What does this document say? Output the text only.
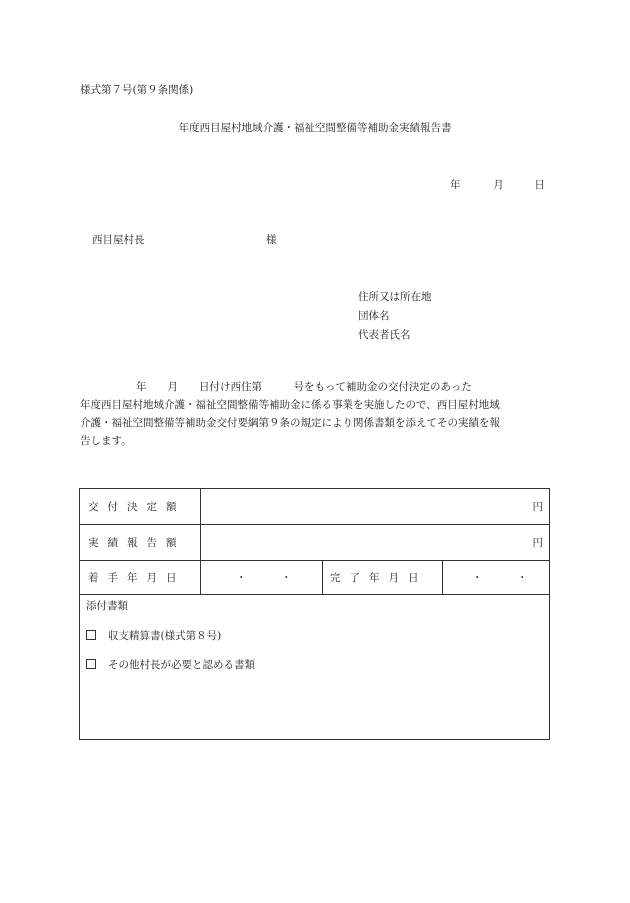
様式第７号(第９条関係)
年度西目屋村地域介護・福祉空間整備等補助金実績報告書
年	月	日
西目屋村長	様
住所又は所在地
団体名
代表者氏名

年　　月　　日付け西住第　　　号をもって補助金の交付決定のあった

年度西目屋村地域介護・福祉空間整備等補助金に係る事業を実施したので、西目屋村地域

介護・福祉空間整備等補助金交付要綱第９条の規定により関係書類を添えてその実績を報

告します。

交付決定額	円
実績報告額	円
着手年月日	・	・	完了年月日	・	・
添付書類
収支精算書(様式第８号)
その他村長が必要と認める書類
